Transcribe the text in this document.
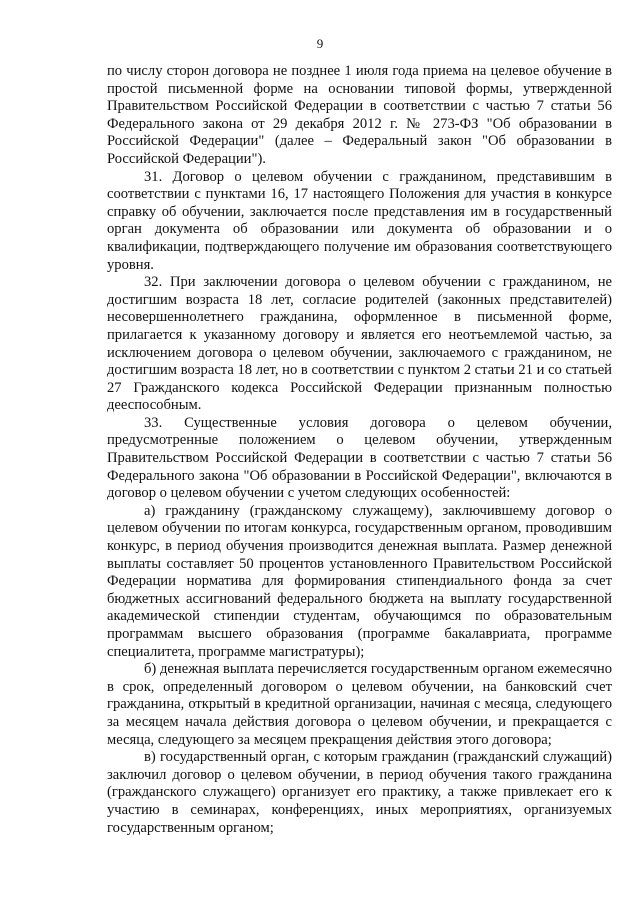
9

по числу сторон договора не позднее 1 июля года приема на целевое обучение в простой письменной форме на основании типовой формы, утвержденной Правительством Российской Федерации в соответствии с частью 7 статьи 56 Федерального закона от 29 декабря 2012 г. № 273-ФЗ "Об образовании в Российской Федерации" (далее – Федеральный закон "Об образовании в Российской Федерации").

31. Договор о целевом обучении с гражданином, представившим в соответствии с пунктами 16, 17 настоящего Положения для участия в конкурсе справку об обучении, заключается после представления им в государственный орган документа об образовании или документа об образовании и о квалификации, подтверждающего получение им образования соответствующего уровня.

32. При заключении договора о целевом обучении с гражданином, не достигшим возраста 18 лет, согласие родителей (законных представителей) несовершеннолетнего гражданина, оформленное в письменной форме, прилагается к указанному договору и является его неотъемлемой частью, за исключением договора о целевом обучении, заключаемого с гражданином, не достигшим возраста 18 лет, но в соответствии с пунктом 2 статьи 21 и со статьей 27 Гражданского кодекса Российской Федерации признанным полностью дееспособным.

33. Существенные условия договора о целевом обучении, предусмотренные положением о целевом обучении, утвержденным Правительством Российской Федерации в соответствии с частью 7 статьи 56 Федерального закона "Об образовании в Российской Федерации", включаются в договор о целевом обучении с учетом следующих особенностей:

а) гражданину (гражданскому служащему), заключившему договор о целевом обучении по итогам конкурса, государственным органом, проводившим конкурс, в период обучения производится денежная выплата. Размер денежной выплаты составляет 50 процентов установленного Правительством Российской Федерации норматива для формирования стипендиального фонда за счет бюджетных ассигнований федерального бюджета на выплату государственной академической стипендии студентам, обучающимся по образовательным программам высшего образования (программе бакалавриата, программе специалитета, программе магистратуры);

б) денежная выплата перечисляется государственным органом ежемесячно в срок, определенный договором о целевом обучении, на банковский счет гражданина, открытый в кредитной организации, начиная с месяца, следующего за месяцем начала действия договора о целевом обучении, и прекращается с месяца, следующего за месяцем прекращения действия этого договора;

в) государственный орган, с которым гражданин (гражданский служащий) заключил договор о целевом обучении, в период обучения такого гражданина (гражданского служащего) организует его практику, а также привлекает его к участию в семинарах, конференциях, иных мероприятиях, организуемых государственным органом;
